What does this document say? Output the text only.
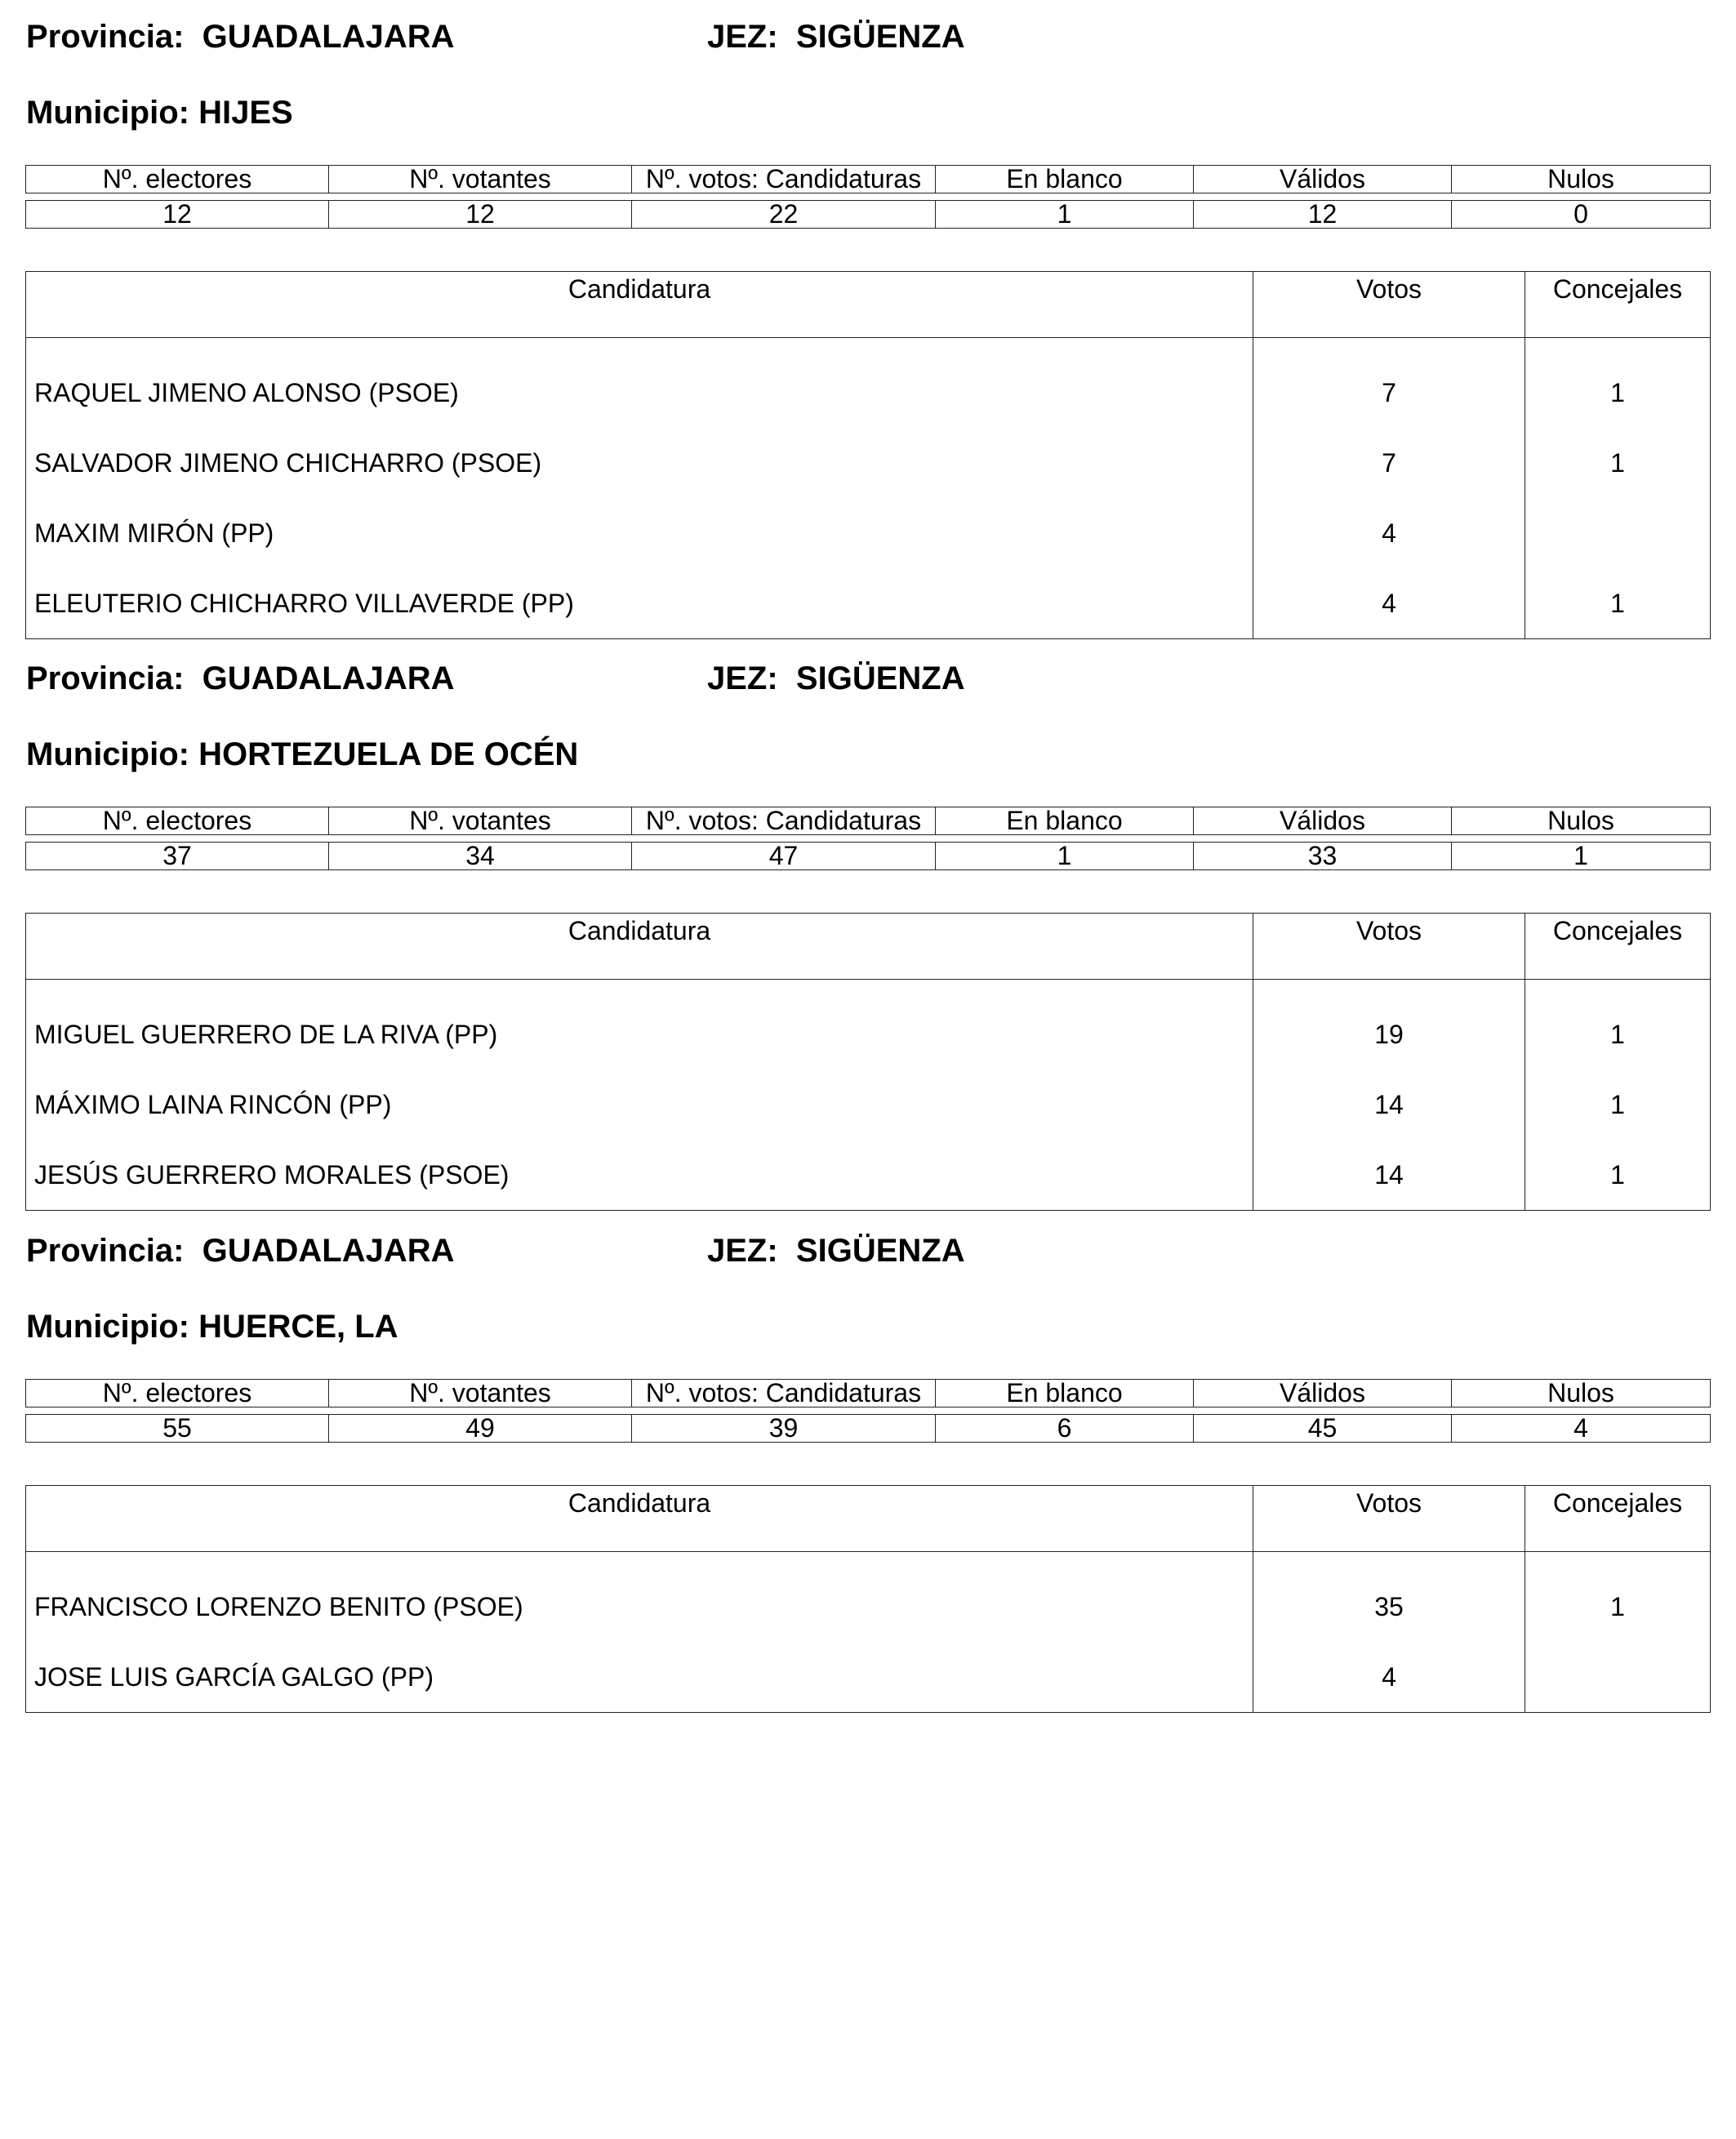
Provincia: GUADALAJARA	JEZ: SIGÜENZA
Municipio: HIJES
Nº. electores	Nº. votantes	Nº. votos: Candidaturas	En blanco	Válidos	Nulos
12	12	22	1	12	0
Candidatura	Votos	Concejales
RAQUEL JIMENO ALONSO (PSOE)	7	1
SALVADOR JIMENO CHICHARRO (PSOE)	7	1
MAXIM MIRÓN (PP)	4	
ELEUTERIO CHICHARRO VILLAVERDE (PP)	4	1
Provincia: GUADALAJARA	JEZ: SIGÜENZA
Municipio: HORTEZUELA DE OCÉN
Nº. electores	Nº. votantes	Nº. votos: Candidaturas	En blanco	Válidos	Nulos
37	34	47	1	33	1
Candidatura	Votos	Concejales
MIGUEL GUERRERO DE LA RIVA (PP)	19	1
MÁXIMO LAINA RINCÓN (PP)	14	1
JESÚS GUERRERO MORALES (PSOE)	14	1
Provincia: GUADALAJARA	JEZ: SIGÜENZA
Municipio: HUERCE, LA
Nº. electores	Nº. votantes	Nº. votos: Candidaturas	En blanco	Válidos	Nulos
55	49	39	6	45	4
Candidatura	Votos	Concejales
FRANCISCO LORENZO BENITO (PSOE)	35	1
JOSE LUIS GARCÍA GALGO (PP)	4	
